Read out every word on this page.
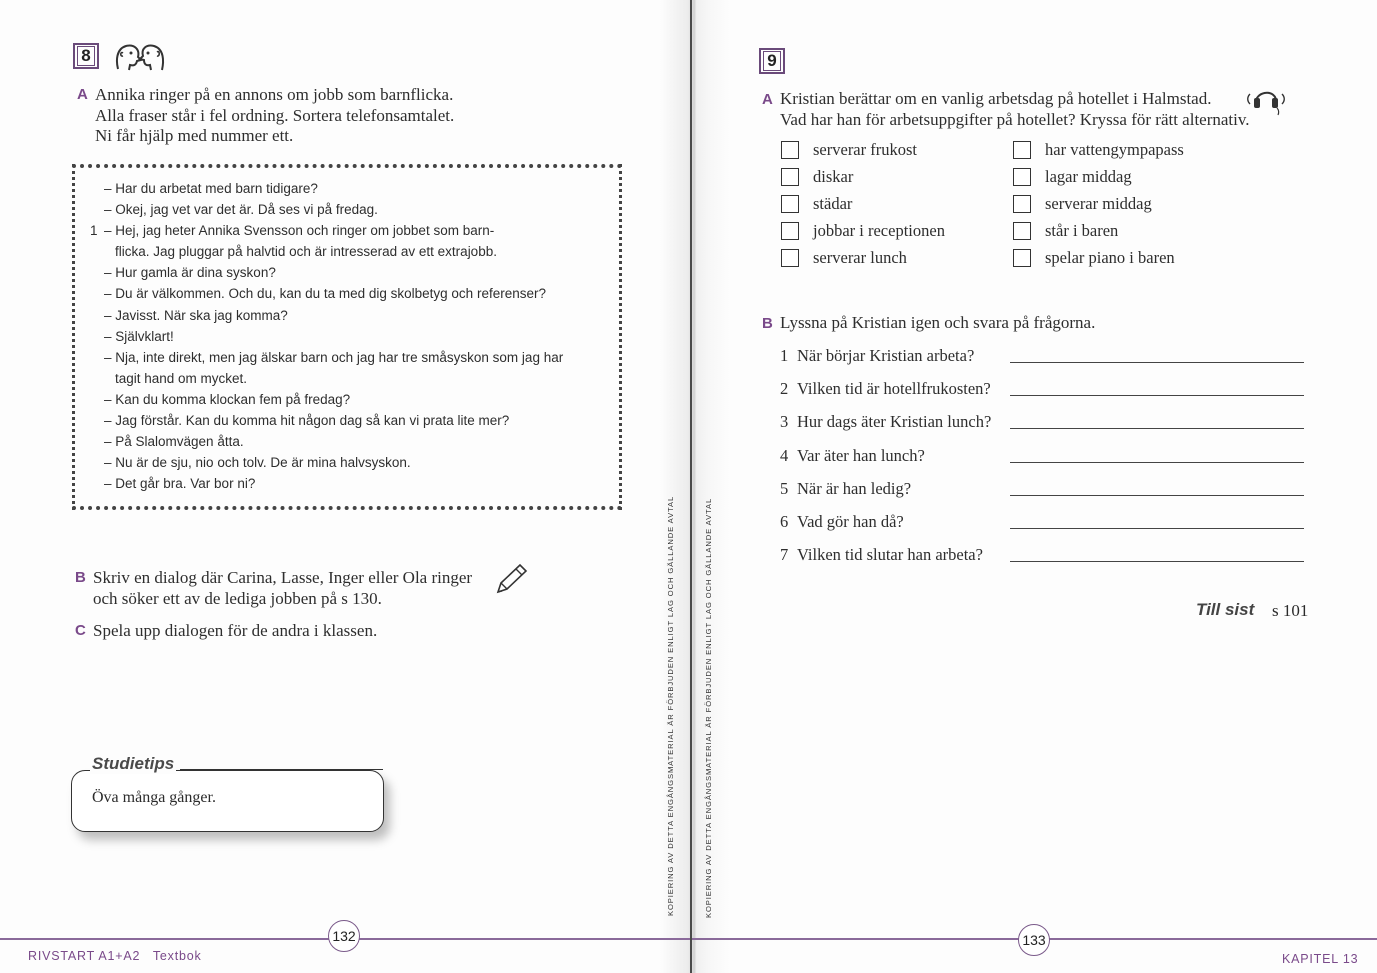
8
A Annika ringer på en annons om jobb som barnflicka.
Alla fraser står i fel ordning. Sortera telefonsamtalet.
Ni får hjälp med nummer ett.
– Har du arbetat med barn tidigare?
– Okej, jag vet var det är. Då ses vi på fredag.
1 – Hej, jag heter Annika Svensson och ringer om jobbet som barn-
flicka. Jag pluggar på halvtid och är intresserad av ett extrajobb.
– Hur gamla är dina syskon?
– Du är välkommen. Och du, kan du ta med dig skolbetyg och referenser?
– Javisst. När ska jag komma?
– Självklart!
– Nja, inte direkt, men jag älskar barn och jag har tre småsyskon som jag har
tagit hand om mycket.
– Kan du komma klockan fem på fredag?
– Jag förstår. Kan du komma hit någon dag så kan vi prata lite mer?
– På Slalomvägen åtta.
– Nu är de sju, nio och tolv. De är mina halvsyskon.
– Det går bra. Var bor ni?
KOPIERING AV DETTA ENGÅNGSMATERIAL ÄR FÖRBJUDEN ENLIGT LAG OCH GÄLLANDE AVTAL	KOPIERING AV DETTA ENGÅNGSMATERIAL ÄR FÖRBJUDEN ENLIGT LAG OCH GÄLLANDE AVTAL
B Skriv en dialog där Carina, Lasse, Inger eller Ola ringer
och söker ett av de lediga jobben på s 130.
C Spela upp dialogen för de andra i klassen.
Studietips
Öva många gånger.
132
RIVSTART A1+A2   Textbok
9
A Kristian berättar om en vanlig arbetsdag på hotellet i Halmstad.
Vad har han för arbetsuppgifter på hotellet? Kryssa för rätt alternativ.
serverar frukost
diskar
städar
jobbar i receptionen
serverar lunch
har vattengympapass
lagar middag
serverar middag
står i baren
spelar piano i baren
B Lyssna på Kristian igen och svara på frågorna.
1 När börjar Kristian arbeta?
2 Vilken tid är hotellfrukosten?
3 Hur dags äter Kristian lunch?
4 Var äter han lunch?
5 När är han ledig?
6 Vad gör han då?
7 Vilken tid slutar han arbeta?
Till sist s 101
133
KAPITEL 13
